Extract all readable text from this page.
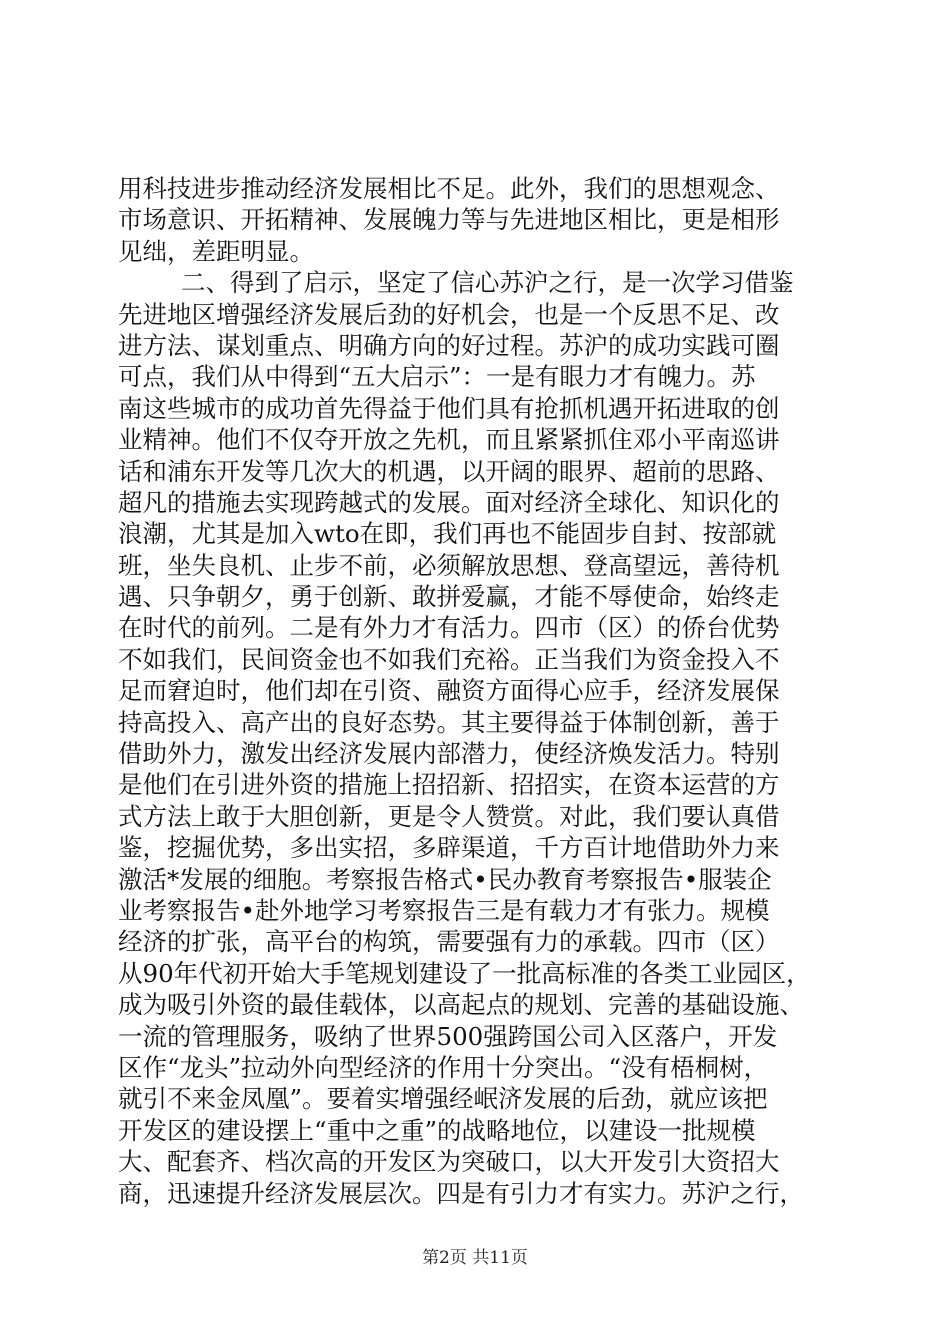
用科技进步推动经济发展相比不足。此外，我们的思想观念、
市场意识、开拓精神、发展魄力等与先进地区相比，更是相形
见绌，差距明显。
二、得到了启示，坚定了信心苏沪之行，是一次学习借鉴
先进地区增强经济发展后劲的好机会，也是一个反思不足、改
进方法、谋划重点、明确方向的好过程。苏沪的成功实践可圈
可点，我们从中得到“五大启示”：一是有眼力才有魄力。苏
南这些城市的成功首先得益于他们具有抢抓机遇开拓进取的创
业精神。他们不仅夺开放之先机，而且紧紧抓住邓小平南巡讲
话和浦东开发等几次大的机遇，以开阔的眼界、超前的思路、
超凡的措施去实现跨越式的发展。面对经济全球化、知识化的
浪潮，尤其是加入wto在即，我们再也不能固步自封、按部就
班，坐失良机、止步不前，必须解放思想、登高望远，善待机
遇、只争朝夕，勇于创新、敢拼爱赢，才能不辱使命，始终走
在时代的前列。二是有外力才有活力。四市（区）的侨台优势
不如我们，民间资金也不如我们充裕。正当我们为资金投入不
足而窘迫时，他们却在引资、融资方面得心应手，经济发展保
持高投入、高产出的良好态势。其主要得益于体制创新，善于
借助外力，激发出经济发展内部潜力，使经济焕发活力。特别
是他们在引进外资的措施上招招新、招招实，在资本运营的方
式方法上敢于大胆创新，更是令人赞赏。对此，我们要认真借
鉴，挖掘优势，多出实招，多辟渠道，千方百计地借助外力来
激活*发展的细胞。考察报告格式•民办教育考察报告•服装企
业考察报告•赴外地学习考察报告三是有载力才有张力。规模
经济的扩张，高平台的构筑，需要强有力的承载。四市（区）
从90年代初开始大手笔规划建设了一批高标准的各类工业园区，
成为吸引外资的最佳载体，以高起点的规划、完善的基础设施、
一流的管理服务，吸纳了世界500强跨国公司入区落户，开发
区作“龙头”拉动外向型经济的作用十分突出。“没有梧桐树，
就引不来金凤凰”。要着实增强经岷济发展的后劲，就应该把
开发区的建设摆上“重中之重”的战略地位，以建设一批规模
大、配套齐、档次高的开发区为突破口，以大开发引大资招大
商，迅速提升经济发展层次。四是有引力才有实力。苏沪之行，
第2页 共11页
